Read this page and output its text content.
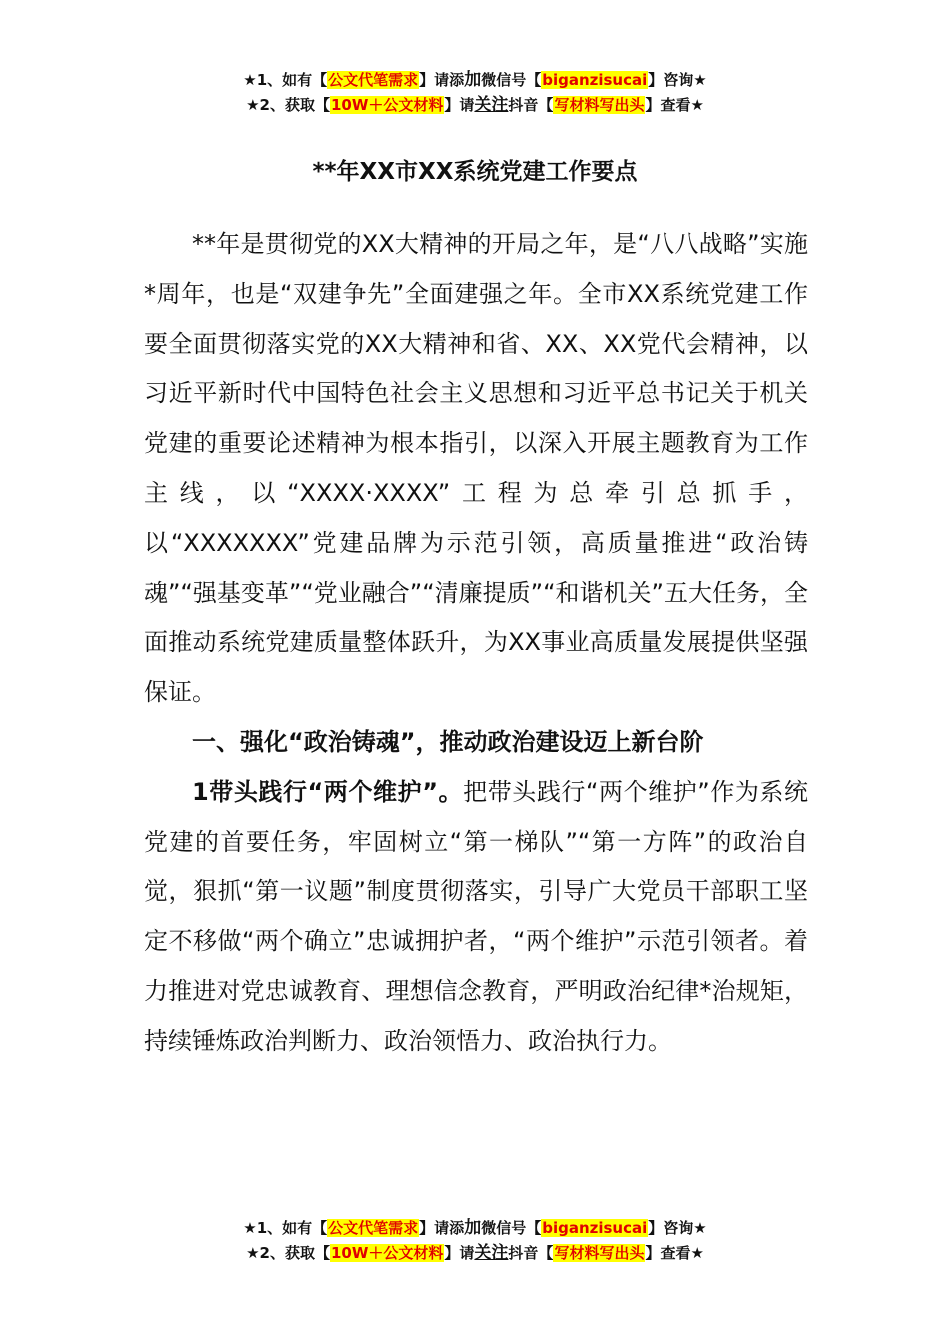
★1、如有【公文代笔需求】请添加微信号【biganzisucai】咨询★
★2、获取【10W＋公文材料】请关注抖音【写材料写出头】查看★
**年XX市XX系统党建工作要点

**年是贯彻党的XX大精神的开局之年，是“八八战略”实施*周年，也是“双建争先”全面建强之年。全市XX系统党建工作要全面贯彻落实党的XX大精神和省、XX、XX党代会精神，以习近平新时代中国特色社会主义思想和习近平总书记关于机关党建的重要论述精神为根本指引，以深入开展主题教育为工作主线，以“XXXX·XXXX”工程为总牵引总抓手，以“XXXXXXX”党建品牌为示范引领，高质量推进“政治铸魂”“强基变革”“党业融合”“清廉提质”“和谐机关”五大任务，全面推动系统党建质量整体跃升，为XX事业高质量发展提供坚强保证。

一、强化“政治铸魂”，推动政治建设迈上新台阶

1带头践行“两个维护”。把带头践行“两个维护”作为系统党建的首要任务，牢固树立“第一梯队”“第一方阵”的政治自觉，狠抓“第一议题”制度贯彻落实，引导广大党员干部职工坚定不移做“两个确立”忠诚拥护者，“两个维护”示范引领者。着力推进对党忠诚教育、理想信念教育，严明政治纪律*治规矩，持续锤炼政治判断力、政治领悟力、政治执行力。

★1、如有【公文代笔需求】请添加微信号【biganzisucai】咨询★
★2、获取【10W＋公文材料】请关注抖音【写材料写出头】查看★
